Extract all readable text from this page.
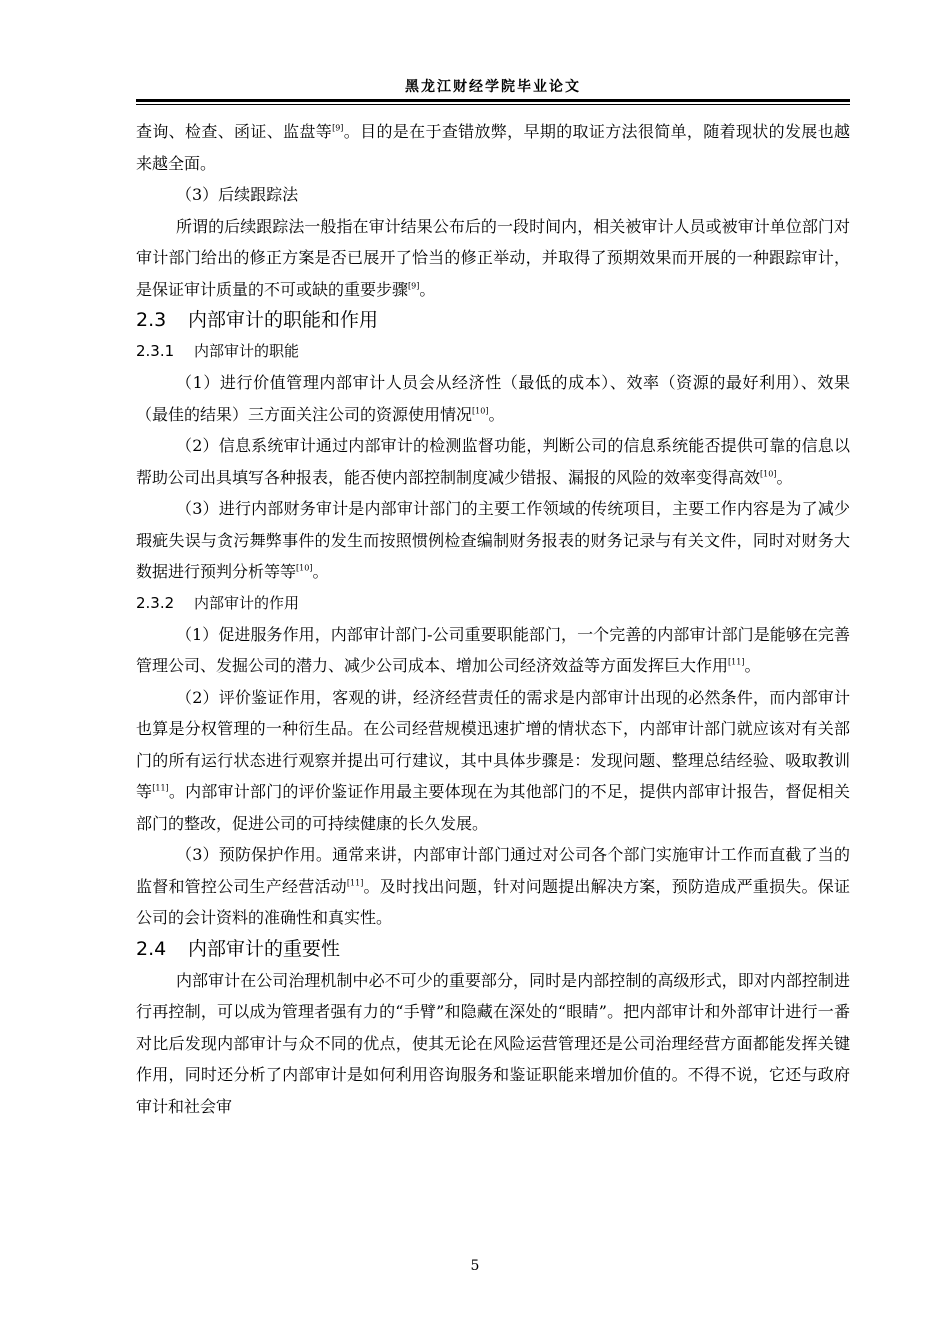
黑龙江财经学院毕业论文

查询、检查、函证、监盘等[9]。目的是在于查错放弊，早期的取证方法很简单，随着现状的发展也越来越全面。

（3）后续跟踪法

所谓的后续跟踪法一般指在审计结果公布后的一段时间内，相关被审计人员或被审计单位部门对审计部门给出的修正方案是否已展开了恰当的修正举动，并取得了预期效果而开展的一种跟踪审计，是保证审计质量的不可或缺的重要步骤[9]。

2.3 内部审计的职能和作用
2.3.1 内部审计的职能

（1）进行价值管理内部审计人员会从经济性（最低的成本）、效率（资源的最好利用）、效果（最佳的结果）三方面关注公司的资源使用情况[10]。

（2）信息系统审计通过内部审计的检测监督功能，判断公司的信息系统能否提供可靠的信息以帮助公司出具填写各种报表，能否使内部控制制度减少错报、漏报的风险的效率变得高效[10]。

（3）进行内部财务审计是内部审计部门的主要工作领域的传统项目，主要工作内容是为了减少瑕疵失误与贪污舞弊事件的发生而按照惯例检查编制财务报表的财务记录与有关文件，同时对财务大数据进行预判分析等等[10]。

2.3.2 内部审计的作用

（1）促进服务作用，内部审计部门-公司重要职能部门，一个完善的内部审计部门是能够在完善管理公司、发掘公司的潜力、减少公司成本、增加公司经济效益等方面发挥巨大作用[11]。

（2）评价鉴证作用，客观的讲，经济经营责任的需求是内部审计出现的必然条件，而内部审计也算是分权管理的一种衍生品。在公司经营规模迅速扩增的情状态下，内部审计部门就应该对有关部门的所有运行状态进行观察并提出可行建议，其中具体步骤是：发现问题、整理总结经验、吸取教训等[11]。内部审计部门的评价鉴证作用最主要体现在为其他部门的不足，提供内部审计报告，督促相关部门的整改，促进公司的可持续健康的长久发展。

（3）预防保护作用。通常来讲，内部审计部门通过对公司各个部门实施审计工作而直截了当的监督和管控公司生产经营活动[11]。及时找出问题，针对问题提出解决方案，预防造成严重损失。保证公司的会计资料的准确性和真实性。

2.4 内部审计的重要性

内部审计在公司治理机制中必不可少的重要部分，同时是内部控制的高级形式，即对内部控制进行再控制，可以成为管理者强有力的“手臂”和隐藏在深处的“眼睛”。把内部审计和外部审计进行一番对比后发现内部审计与众不同的优点，使其无论在风险运营管理还是公司治理经营方面都能发挥关键作用，同时还分析了内部审计是如何利用咨询服务和鉴证职能来增加价值的。不得不说，它还与政府审计和社会审

5
